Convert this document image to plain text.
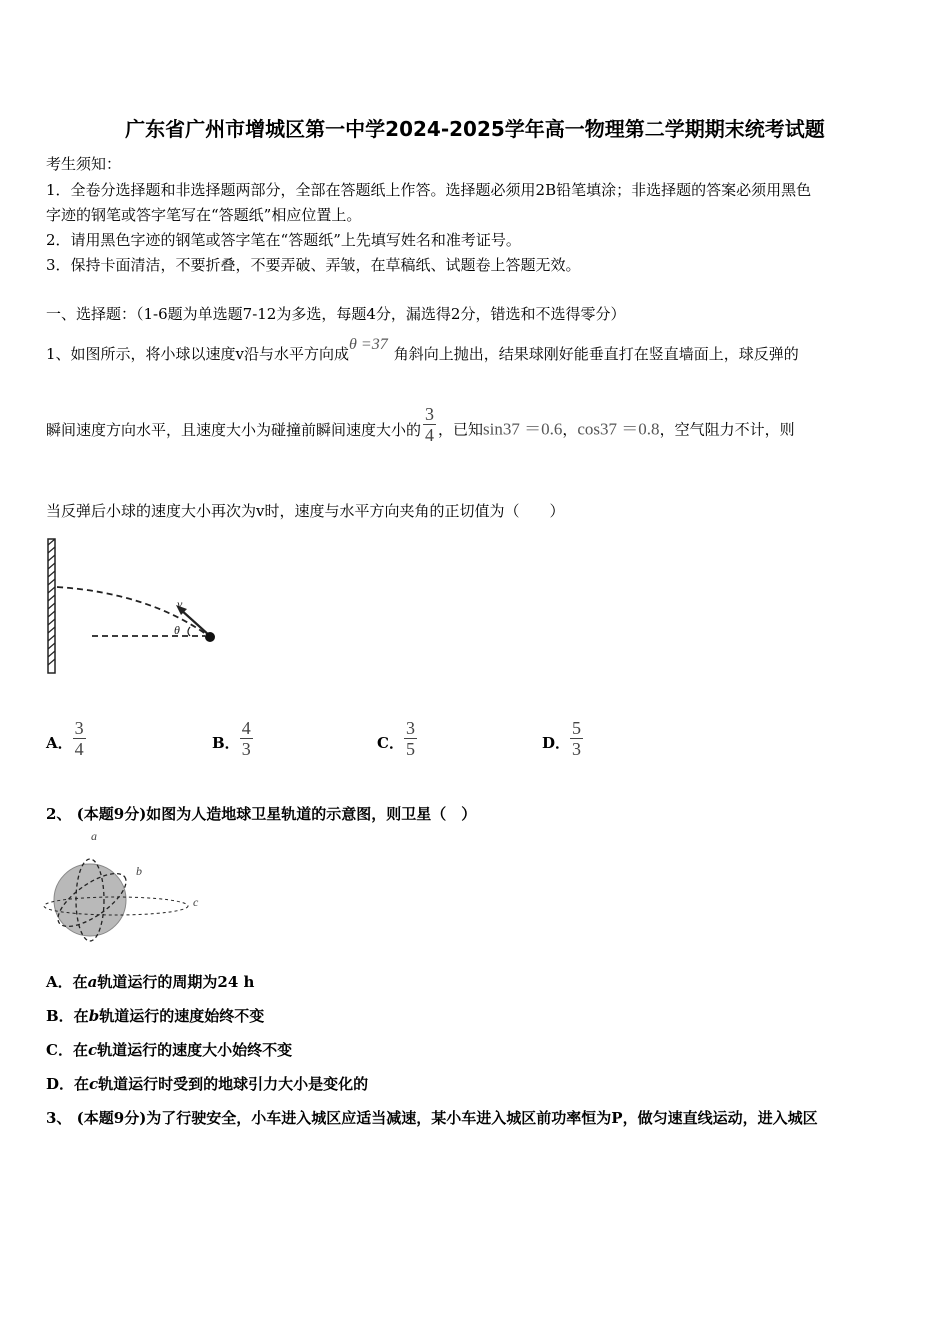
广东省广州市增城区第一中学2024-2025学年高一物理第二学期期末统考试题
考生须知：
1．全卷分选择题和非选择题两部分，全部在答题纸上作答。选择题必须用2B铅笔填涂；非选择题的答案必须用黑色
字迹的钢笔或答字笔写在“答题纸”相应位置上。
2．请用黑色字迹的钢笔或答字笔在“答题纸”上先填写姓名和准考证号。
3．保持卡面清洁，不要折叠，不要弄破、弄皱，在草稿纸、试题卷上答题无效。
一、选择题：（1-6题为单选题7-12为多选，每题4分，漏选得2分，错选和不选得零分）
1、如图所示，将小球以速度v沿与水平方向成$^{\theta =37}$角斜向上抛出，结果球刚好能垂直打在竖直墙面上，球反弹的
瞬间速度方向水平，且速度大小为碰撞前瞬间速度大小的 $\frac{3}{4}$ ，已知sin37 ＝0.6，cos37 ＝0.8，空气阻力不计，则
当反弹后小球的速度大小再次为v时，速度与水平方向夹角的正切值为（　　）
v
θ
A． $\frac{3}{4}$	B． $\frac{4}{3}$	C． $\frac{3}{5}$	D． $\frac{5}{3}$
2、 (本题9分)如图为人造地球卫星轨道的示意图，则卫星（　）
a
b
c
A．在a轨道运行的周期为24 h
B．在b轨道运行的速度始终不变
C．在c轨道运行的速度大小始终不变
D．在c轨道运行时受到的地球引力大小是变化的
3、 (本题9分)为了行驶安全，小车进入城区应适当减速，某小车进入城区前功率恒为P，做匀速直线运动，进入城区
